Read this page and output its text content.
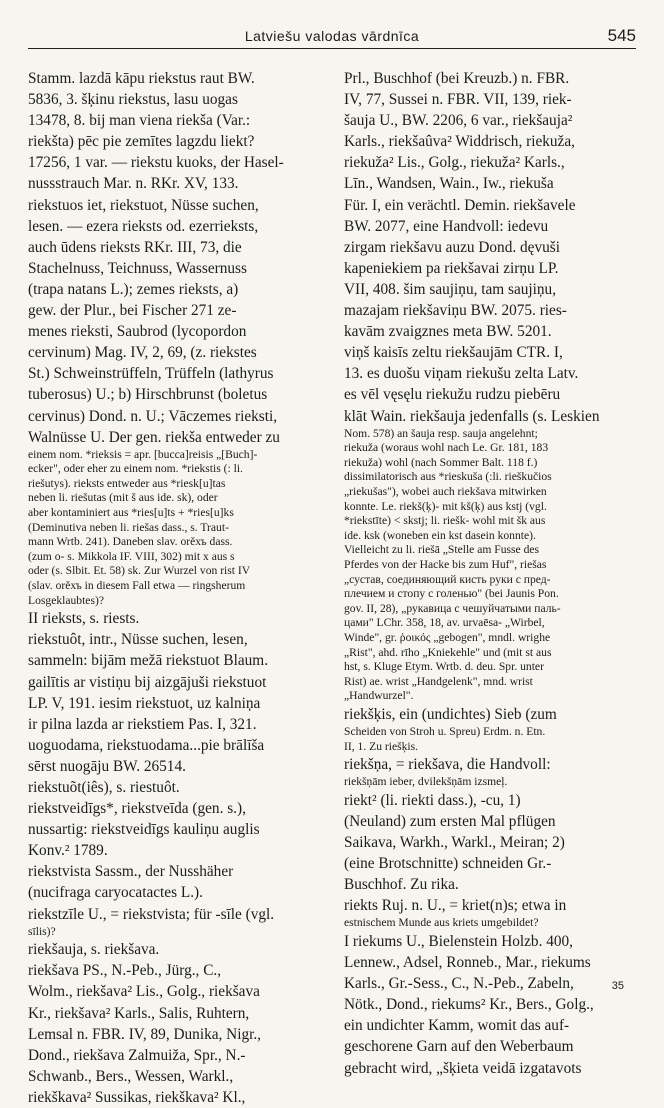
Latviešu valodas vārdnīca	545
Stamm. lazdā kāpu riekstus raut BW.
5836, 3. šķinu riekstus, lasu uogas
13478, 8. bij man viena riekša (Var.:
riekšta) pēc pie zemītes lagzdu liekt?
17256, 1 var. — riekstu kuoks, der Hasel-
nussstrauch Mar. n. RKr. XV, 133.
riekstuos iet, riekstuot, Nüsse suchen,
lesen. — ezera rieksts od. ezerrieksts,
auch ūdens rieksts RKr. III, 73, die
Stachelnuss, Teichnuss, Wassernuss
(trapa natans L.); zemes rieksts, a)
gew. der Plur., bei Fischer 271 ze-
menes rieksti, Saubrod (lycopordon
cervinum) Mag. IV, 2, 69, (z. riekstes
St.) Schweinstrüffeln, Trüffeln (lathyrus
tuberosus) U.; b) Hirschbrunst (boletus
cervinus) Dond. n. U.; Vāczemes rieksti,
Walnüsse U. Der gen. riekša entweder zu
einem nom. *rieksis = apr. [bucca]reisis „[Buch]-
ecker", oder eher zu einem nom. *riekstis (: li.
riešutys). rieksts entweder aus *riesk[u]tas
neben li. riešutas (mit š aus ide. sk), oder
aber kontaminiert aus *ries[u]ts + *ries[u]ks
(Deminutiva neben li. riešas dass., s. Traut-
mann Wrtb. 241). Daneben slav. orěхъ dass.
(zum o- s. Mikkola IF. VIII, 302) mit x aus s
oder (s. Slbit. Et. 58) sk. Zur Wurzel von rist IV
(slav. orěхъ in diesem Fall etwa — ringsherum
Losgeklaubtes)?
II rieksts, s. riests.
riekstuôt, intr., Nüsse suchen, lesen,
sammeln: bijām mežā riekstuot Blaum.
gailītis ar vistiņu bij aizgājuši riekstuot
LP. V, 191. iesim riekstuot, uz kalniņa
ir pilna lazda ar riekstiem Pas. I, 321.
uoguodama, riekstuodama...pie brālīša
sērst nuogāju BW. 26514.
riekstuõt(iês), s. riestuôt.
riekstveidīgs*, riekstveīda (gen. s.),
nussartig: riekstveidīgs kauliņu auglis
Konv.² 1789.
riekstvista Sassm., der Nusshäher
(nucifraga caryocatactes L.).
riekstzīle U., = riekstvista; für -sīle (vgl.
sīlis)?
riekšauja, s. riekšava.
riekšava PS., N.-Peb., Jürg., C.,
Wolm., riekšava² Lis., Golg., riekšava
Kr., riekšava² Karls., Salis, Ruhtern,
Lemsal n. FBR. IV, 89, Dunika, Nigr.,
Dond., riekšava Zalmuiža, Spr., N.-
Schwanb., Bers., Wessen, Warkl.,
riekškava² Sussikas, riekškava² Kl.,
Prl., Buschhof (bei Kreuzb.) n. FBR.
IV, 77, Sussei n. FBR. VII, 139, riek-
šauja U., BW. 2206, 6 var., riekšauja²
Karls., riekšaûva² Widdrisch, riekuža,
riekuža² Lis., Golg., riekuža² Karls.,
Līn., Wandsen, Wain., Iw., riekuša
Für. I, ein verächtl. Demin. riekšavele
BW. 2077, eine Handvoll: iedevu
zirgam riekšavu auzu Dond. dęvuši
kapeniekiem pa riekšavai zirņu LP.
VII, 408. šim saujiņu, tam saujiņu,
mazajam riekšaviņu BW. 2075. ries-
kavām zvaigznes meta BW. 5201.
viņš kaisīs zeltu riekšaujām CTR. I,
13. es duošu viņam riekušu zelta Latv.
es vēl vęsęlu riekužu rudzu piebēru
klāt Wain. riekšauja jedenfalls (s. Leskien
Nom. 578) an šauja resp. sauja angelehnt;
riekuža (woraus wohl nach Le. Gr. 181, 183
riekuža) wohl (nach Sommer Balt. 118 f.)
dissimilatorisch aus *rieskuša (:li. rieškučios
„riekušas"), wobei auch riekšava mitwirken
konnte. Le. riekš(ķ)- mit kš(ķ) aus kstj (vgl.
*riekstīte) < skstj; li. riešk- wohl mit šk aus
ide. ksk (woneben ein kst dasein konnte).
Vielleicht zu li. riešā „Stelle am Fusse des
Pferdes von der Hacke bis zum Huf", riešas
„сустав, соединяющий кисть руки с пред-
плечием и стопу с голенью" (bei Jaunis Pon.
gov. II, 28), „рукавица с чешуйчатыми паль-
цами" LChr. 358, 18, av. urvaēsa- „Wirbel,
Winde", gr. ῥοικός „gebogen", mndl. wrighe
„Rist", ahd. rīho „Kniekehle" und (mit st aus
hst, s. Kluge Etym. Wrtb. d. deu. Spr. unter
Rist) ae. wrist „Handgelenk", mnd. wrist
„Handwurzel".
riekšķis, ein (undichtes) Sieb (zum
Scheiden von Stroh u. Spreu) Erdm. n. Etn.
II, 1. Zu riešķis.
riekšņa, = riekšava, die Handvoll:
riekšņām ieber, dvilekšņām izsmeļ.
riekt² (li. riekti dass.), -cu, 1)
(Neuland) zum ersten Mal pflügen
Saikava, Warkh., Warkl., Meiran; 2)
(eine Brotschnitte) schneiden Gr.-
Buschhof. Zu rika.
riekts Ruj. n. U., = kriet(n)s; etwa in
estnischem Munde aus kriets umgebildet?
I riekums U., Bielenstein Holzb. 400,
Lennew., Adsel, Ronneb., Mar., riekums
Karls., Gr.-Sess., C., N.-Peb., Zabeln,
Nötk., Dond., riekums² Kr., Bers., Golg.,
ein undichter Kamm, womit das auf-
geschorene Garn auf den Weberbaum
gebracht wird, „šķieta veidā izgatavots
35
